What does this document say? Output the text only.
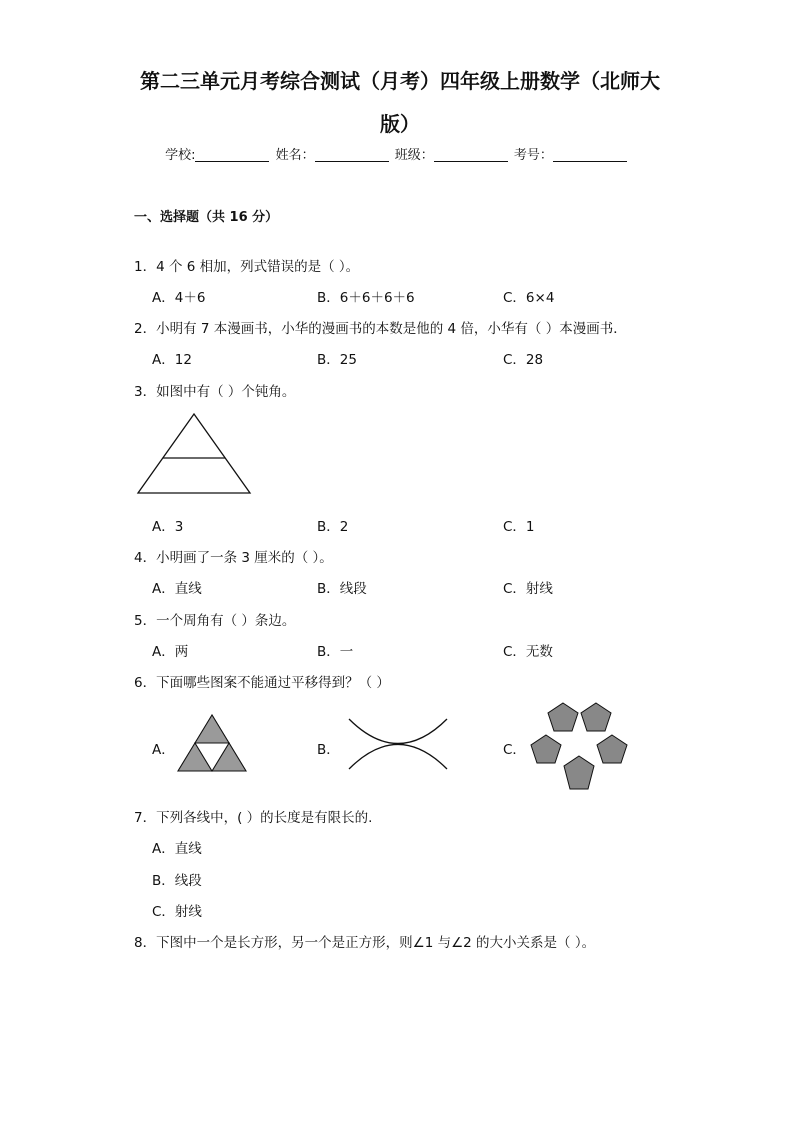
第二三单元月考综合测试（月考）四年级上册数学（北师大
版）
学校:	姓名：	班级：	考号：
一、选择题（共 16 分）
1．4 个 6 相加，列式错误的是（ ）。
A．4＋6	B．6＋6＋6＋6	C．6×4
2．小明有 7 本漫画书，小华的漫画书的本数是他的 4 倍，小华有（ ）本漫画书．
A．12	B．25	C．28
3．如图中有（ ）个钝角。
A．3	B．2	C．1
4．小明画了一条 3 厘米的（ ）。
A．直线	B．线段	C．射线
5．一个周角有（ ）条边。
A．两	B．一	C．无数
6．下面哪些图案不能通过平移得到？（ ）
A．	B．	C．
7．下列各线中，( ）的长度是有限长的.
A．直线
B．线段
C．射线
8．下图中一个是长方形，另一个是正方形，则∠1 与∠2 的大小关系是（ ）。
